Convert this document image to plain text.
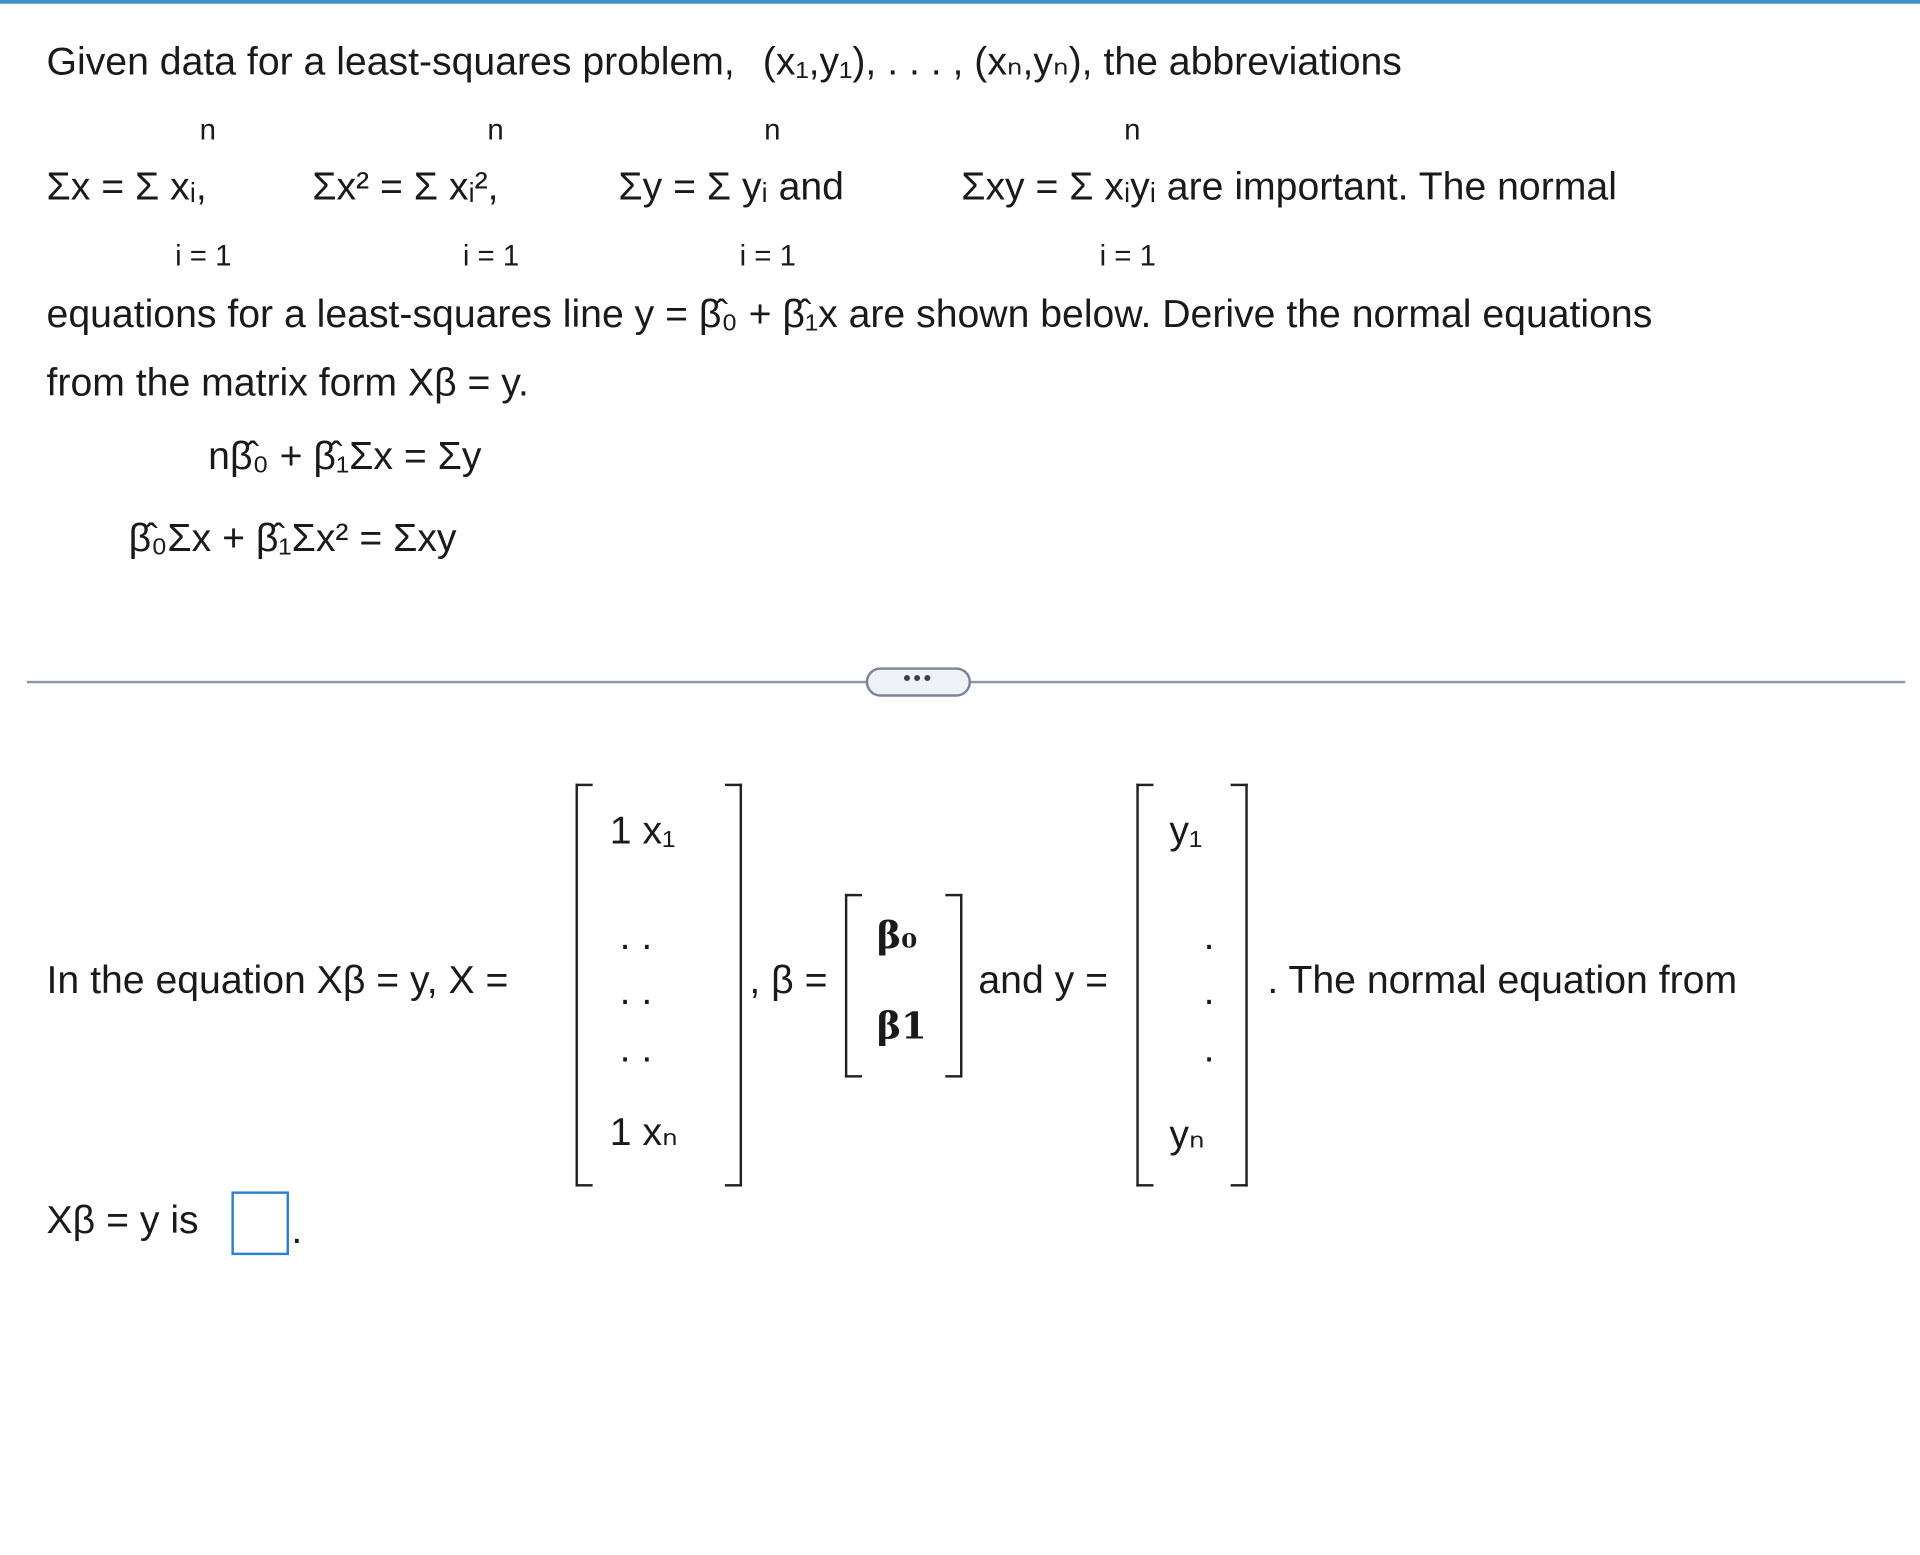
Given data for a least-squares problem, (x₁,y₁), . . . , (xₙ,yₙ), the abbreviations
n	n	n	n
Σx = Σ xᵢ,	Σx² = Σ xᵢ²,	Σy = Σ yᵢ and	Σxy = Σ xᵢyᵢ are important. The normal
i = 1	i = 1	i = 1	i = 1
equations for a least-squares line y = β̂₀ + β̂₁x are shown below. Derive the normal equations
from the matrix form Xβ = y.
nβ̂₀ + β̂₁Σx = Σy
β̂₀Σx + β̂₁Σx² = Σxy
•••
In the equation Xβ = y, X =
1 x₁
. .
. .
. .
1 xₙ
, β =
β₀
β1
and y =
y₁
.
.
.
yₙ
. The normal equation from
Xβ = y is	.
